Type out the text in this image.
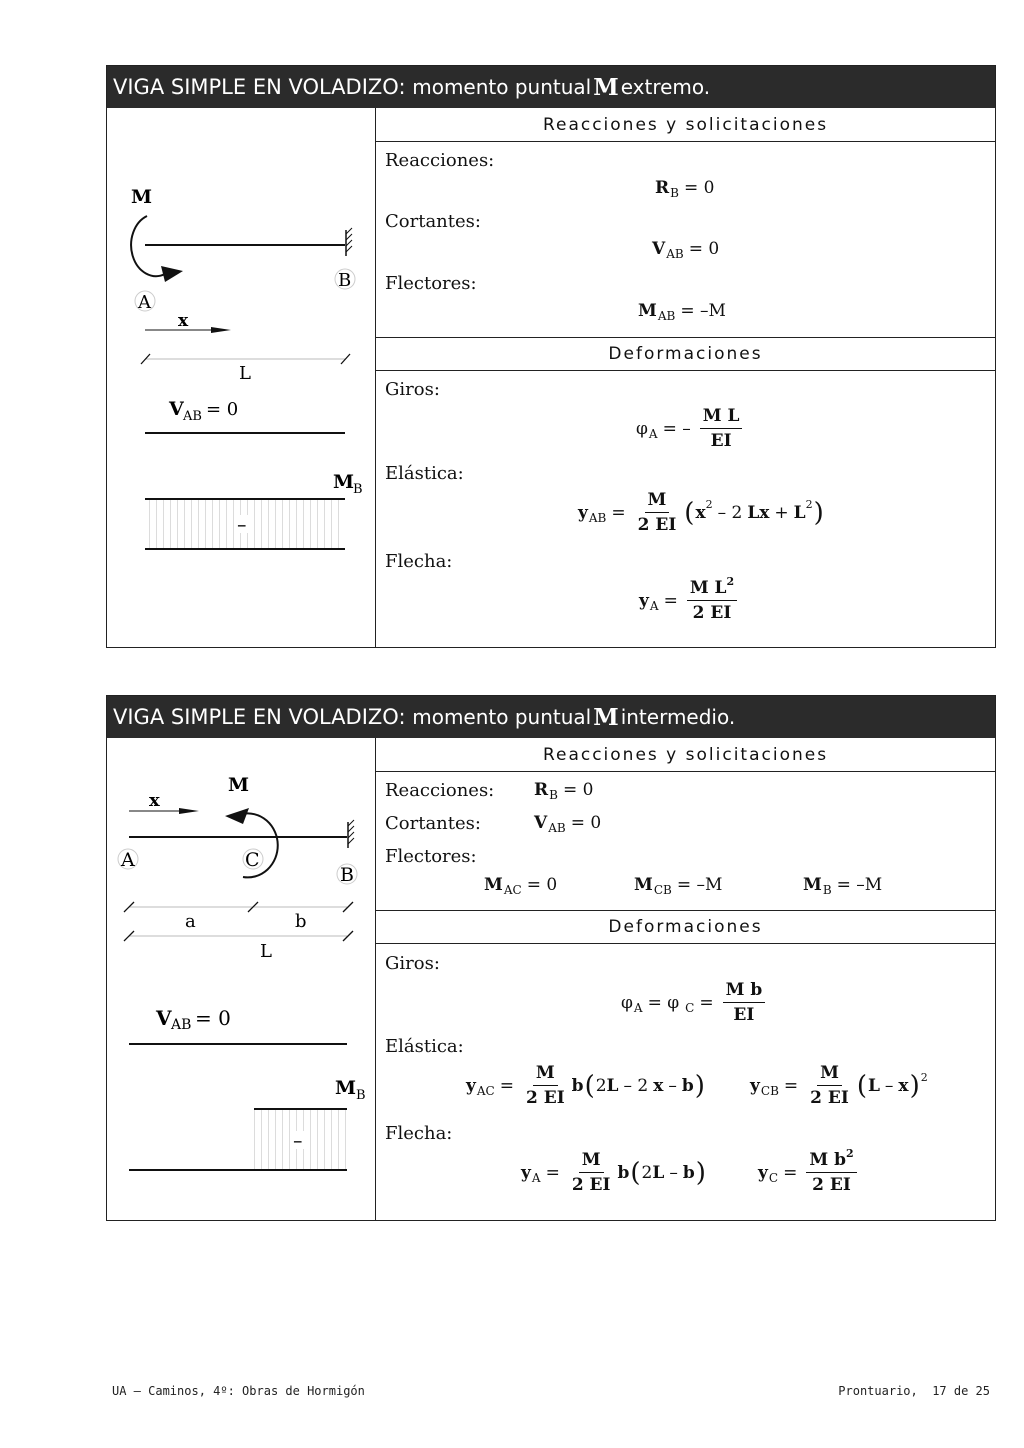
VIGA SIMPLE EN VOLADIZO:
momento puntual M extremo.
M
A
B
x
L
V AB = 0
M
B
–
Reacciones y solicitaciones
Reacciones:
R B = 0
Cortantes:
V AB = 0
Flectores:
M AB = –M
Deformaciones
Giros:
φ A = – $\frac{\text{M L}}{EI}$
Elástica:
y AB = $\frac{M}{2 EI}$ ( x 2 – 2 Lx + L 2 )
Flecha:
y $A = \frac{M L^2}{2 EI}$
VIGA SIMPLE EN VOLADIZO:
momento puntual M intermedio.
x
M
A	C
B
a	b
L
V AB = 0
M B
–
Reacciones y solicitaciones
Reacciones: R B = 0
Cortantes:	V AB = 0
Flectores:
M AC = 0	M CB = –M	M B = –M
Deformaciones
Giros:
φ A = φ $C = \frac{\text{M b}}{EI}$
Elástica:
y AC = $\frac{M}{2 EI}$ b ( 2 L – 2 x – b )	y CB = $\frac{M}{2 EI}$ ( L – x ) 2
Flecha:
y $A = \frac{M}{2 EI}$ b ( 2 L – b )	y $C = \frac{M b^2}{2 EI}$
UA – Caminos, 4º: Obras de Hormigón	Prontuario,  17 de 25
